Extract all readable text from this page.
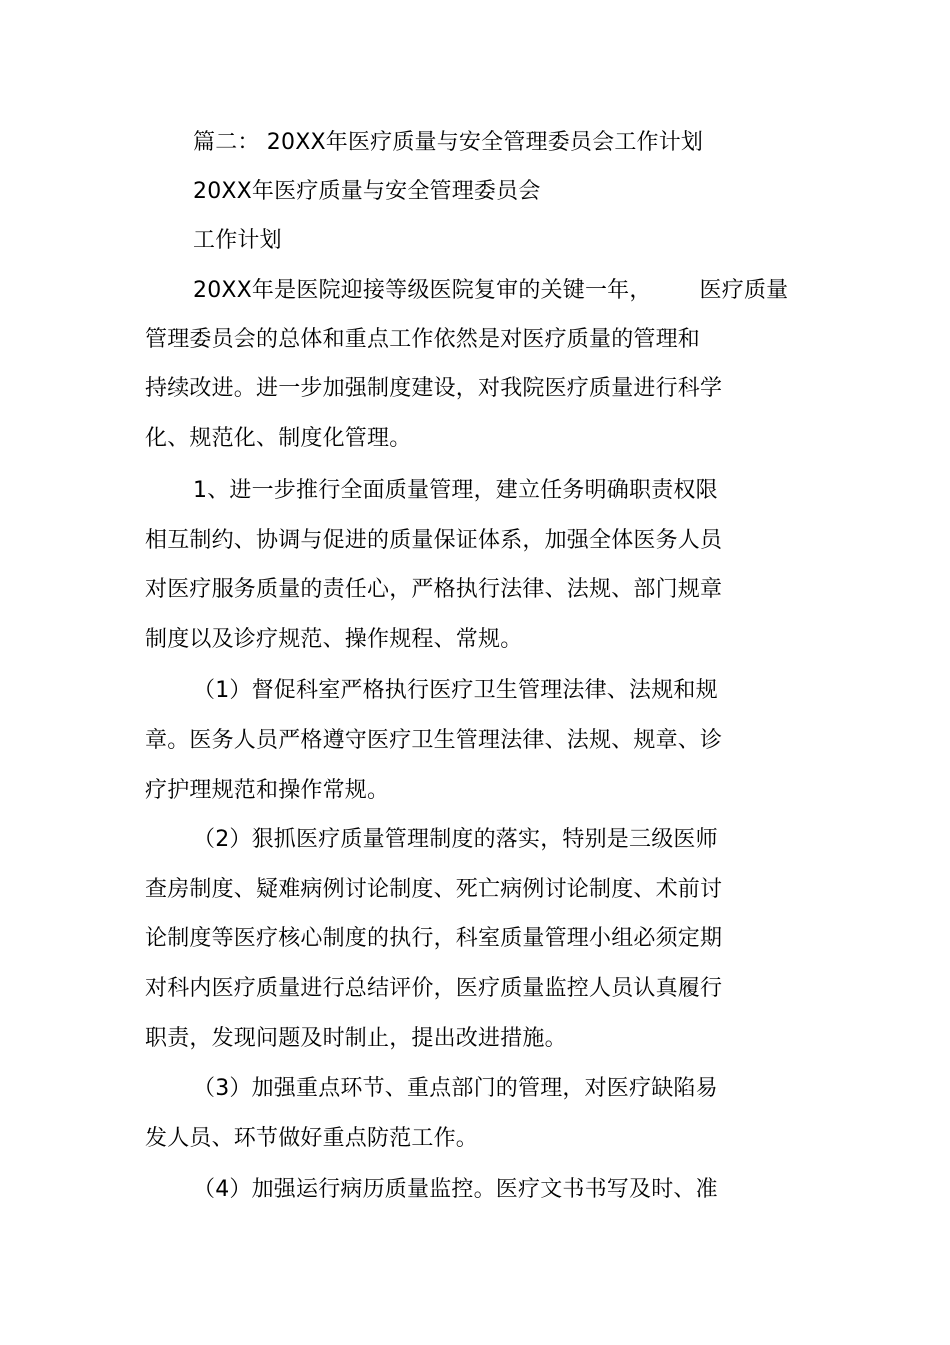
篇二： 20XX年医疗质量与安全管理委员会工作计划
20XX年医疗质量与安全管理委员会
工作计划
20XX年是医院迎接等级医院复审的关键一年， 医疗质量
管理委员会的总体和重点工作依然是对医疗质量的管理和
持续改进。进一步加强制度建设，对我院医疗质量进行科学
化、规范化、制度化管理。
1、进一步推行全面质量管理，建立任务明确职责权限
相互制约、协调与促进的质量保证体系，加强全体医务人员
对医疗服务质量的责任心，严格执行法律、法规、部门规章
制度以及诊疗规范、操作规程、常规。
（1）督促科室严格执行医疗卫生管理法律、法规和规
章。医务人员严格遵守医疗卫生管理法律、法规、规章、诊
疗护理规范和操作常规。
（2）狠抓医疗质量管理制度的落实，特别是三级医师
查房制度、疑难病例讨论制度、死亡病例讨论制度、术前讨
论制度等医疗核心制度的执行，科室质量管理小组必须定期
对科内医疗质量进行总结评价，医疗质量监控人员认真履行
职责，发现问题及时制止，提出改进措施。
（3）加强重点环节、重点部门的管理，对医疗缺陷易
发人员、环节做好重点防范工作。
（4）加强运行病历质量监控。医疗文书书写及时、准
